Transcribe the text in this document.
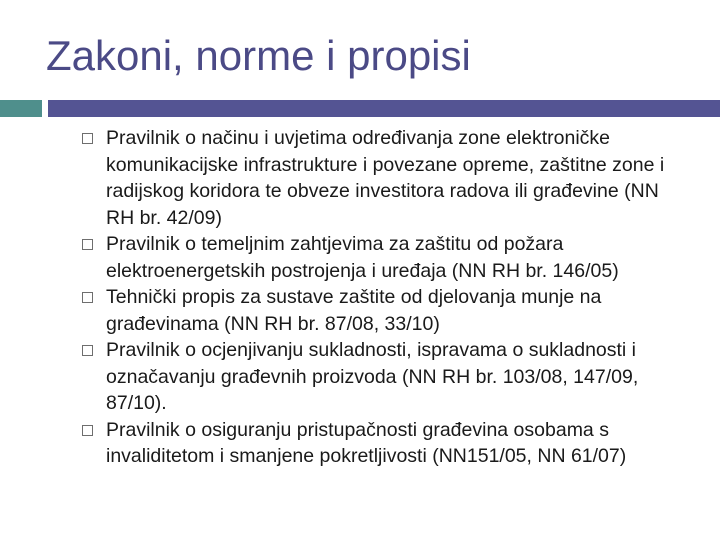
Zakoni, norme i propisi
Pravilnik o načinu i uvjetima određivanja zone elektroničke komunikacijske infrastrukture i povezane opreme, zaštitne zone i radijskog koridora te obveze investitora radova ili građevine (NN RH br. 42/09)
Pravilnik o temeljnim zahtjevima za zaštitu od požara elektroenergetskih postrojenja i uređaja (NN RH br. 146/05)
Tehnički propis za sustave zaštite od djelovanja munje na građevinama (NN RH br. 87/08, 33/10)
Pravilnik o ocjenjivanju sukladnosti, ispravama o sukladnosti i označavanju građevnih proizvoda (NN RH br. 103/08, 147/09, 87/10).
Pravilnik o osiguranju pristupačnosti građevina osobama s invaliditetom i smanjene pokretljivosti (NN151/05, NN 61/07)
